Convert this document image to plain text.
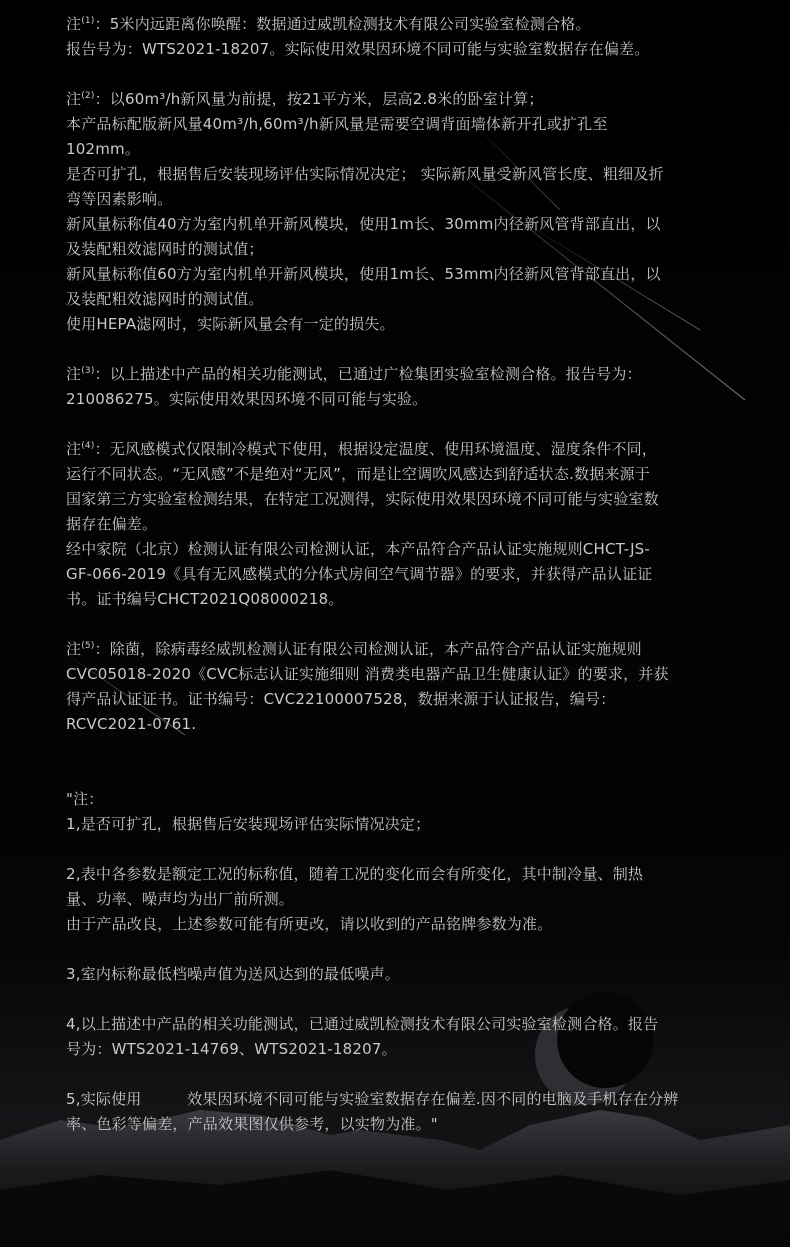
注$^{(1)}$：5米内远距离你唤醒：数据通过威凯检测技术有限公司实验室检测合格。

报告号为：WTS2021-18207。实际使用效果因环境不同可能与实验室数据存在偏差。

注$^{(2)}$：以60m³/h新风量为前提，按21平方米，层高2.8米的卧室计算；

本产品标配版新风量40m³/h,60m³/h新风量是需要空调背面墙体新开孔或扩孔至

102mm。

是否可扩孔，根据售后安装现场评估实际情况决定； 实际新风量受新风管长度、粗细及折

弯等因素影响。

新风量标称值40方为室内机单开新风模块，使用1m长、30mm内径新风管背部直出，以

及装配粗效滤网时的测试值；

新风量标称值60方为室内机单开新风模块，使用1m长、53mm内径新风管背部直出，以

及装配粗效滤网时的测试值。

使用HEPA滤网时，实际新风量会有一定的损失。

注$^{(3)}$：以上描述中产品的相关功能测试，已通过广检集团实验室检测合格。报告号为：

210086275。实际使用效果因环境不同可能与实验。

注$^{(4)}$：无风感模式仅限制冷模式下使用，根据设定温度、使用环境温度、湿度条件不同，

运行不同状态。“无风感”不是绝对“无风”，而是让空调吹风感达到舒适状态.数据来源于

国家第三方实验室检测结果，在特定工况测得，实际使用效果因环境不同可能与实验室数

据存在偏差。

经中家院（北京）检测认证有限公司检测认证，本产品符合产品认证实施规则CHCT-JS-

GF-066-2019《具有无风感模式的分体式房间空气调节器》的要求，并获得产品认证证

书。证书编号CHCT2021Q08000218。

注$^{(5)}$：除菌，除病毒经威凯检测认证有限公司检测认证，本产品符合产品认证实施规则

CVC05018-2020《CVC标志认证实施细则 消费类电器产品卫生健康认证》的要求，并获

得产品认证证书。证书编号：CVC22100007528，数据来源于认证报告，编号：

RCVC2021-0761.

"注：

1,是否可扩孔，根据售后安装现场评估实际情况决定；

2,表中各参数是额定工况的标称值，随着工况的变化而会有所变化，其中制冷量、制热

量、功率、噪声均为出厂前所测。

由于产品改良，上述参数可能有所更改，请以收到的产品铭牌参数为准。

3,室内标称最低档噪声值为送风达到的最低噪声。

4,以上描述中产品的相关功能测试，已通过威凯检测技术有限公司实验室检测合格。报告

号为：WTS2021-14769、WTS2021-18207。

5,实际使用　　　效果因环境不同可能与实验室数据存在偏差.因不同的电脑及手机存在分辨

率、色彩等偏差，产品效果图仅供参考，以实物为准。"
